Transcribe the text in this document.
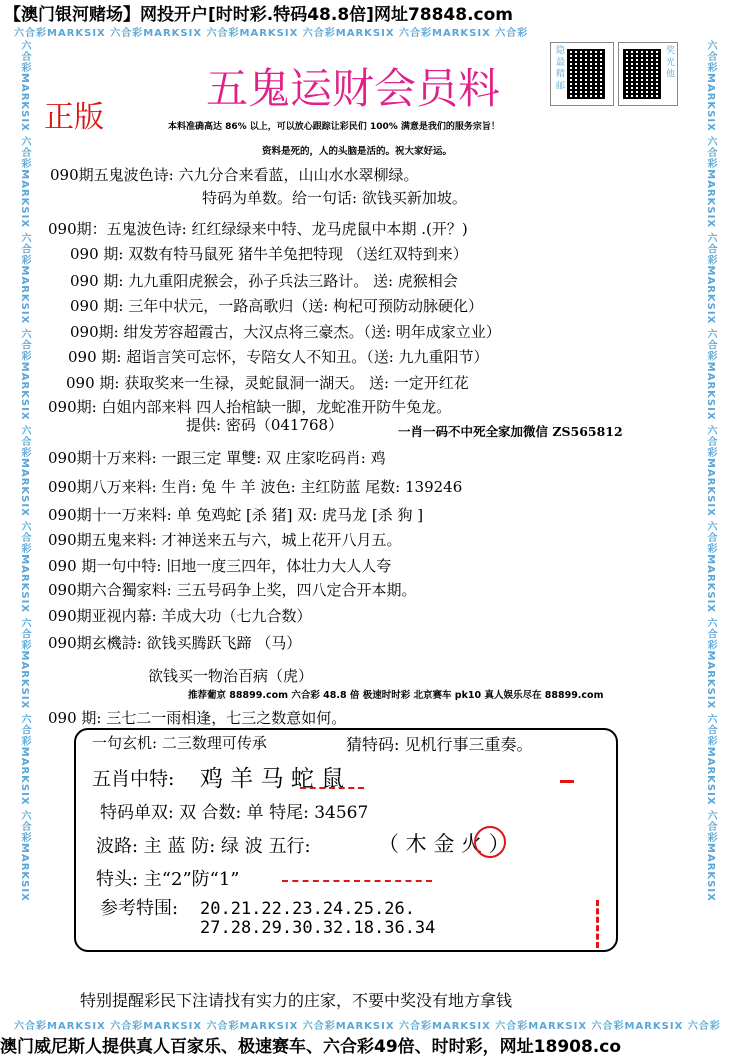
【澳门银河赌场】网投开户[时时彩.特码48.8倍]网址78848.com
六合彩MARKSIX 六合彩MARKSIX 六合彩MARKSIX 六合彩MARKSIX 六合彩MARKSIX 六合彩
六合彩MARKSIX 六合彩MARKSIX 六合彩MARKSIX 六合彩MARKSIX 六合彩MARKSIX 六合彩MARKSIX 六合彩MARKSIX 六合彩MARKSIX 六合彩MARKSIX	六合彩MARKSIX 六合彩MARKSIX 六合彩MARKSIX 六合彩MARKSIX 六合彩MARKSIX 六合彩MARKSIX 六合彩MARKSIX 六合彩MARKSIX 六合彩MARKSIX
六合彩MARKSIX 六合彩MARKSIX 六合彩MARKSIX 六合彩MARKSIX 六合彩MARKSIX 六合彩MARKSIX 六合彩MARKSIX 六合彩
隐 最 精 邮	奖 光 他
五鬼运财会员料
正版	本料准确高达 86% 以上，可以放心跟踪让彩民们 100% 满意是我们的服务宗旨！
资料是死的，人的头脑是活的。祝大家好运。
090期五鬼波色诗: 六九分合来看蓝，山山水水翠柳绿。
特码为单数。给一句话: 欲钱买新加坡。
090期：五鬼波色诗: 红红绿绿来中特、龙马虎鼠中本期 .(开？)
090 期: 双数有特马鼠死 猪牛羊兔把特现 （送红双特到来）
090 期: 九九重阳虎猴会，孙子兵法三路计。 送: 虎猴相会
090 期: 三年中状元，一路高歌归（送: 枸杞可预防动脉硬化）
090期: 绀发芳容超霞古，大汉点将三豪杰。（送: 明年成家立业）
090 期: 超诣言笑可忘怀，专陪女人不知丑。（送: 九九重阳节）
090 期: 获取奖来一生禄，灵蛇鼠洞一湖天。 送: 一定开红花
090期: 白姐内部来料 四人抬棺缺一脚，龙蛇准开防牛兔龙。
提供: 密码（041768）	一肖一码不中死全家加微信 ZS565812
090期十万来料: 一跟三定 單雙: 双 庄家吃码肖: 鸡
090期八万来料: 生肖: 兔 牛 羊 波色: 主红防蓝 尾数: 139246
090期十一万来料: 单 兔鸡蛇 [杀 猪] 双: 虎马龙 [杀 狗 ]
090期五鬼来料: 才神送来五与六，城上花开八月五。
090 期一句中特: 旧地一度三四年，体壮力大人人夸
090期六合獨家料: 三五号码争上奖，四八定合开本期。
090期亚视内幕: 羊成大功（七九合数）
090期玄機詩: 欲钱买腾跃飞蹄 （马）
欲钱买一物治百病（虎）
推荐葡京 88899.com 六合彩 48.8 倍 极速时时彩 北京赛车 pk10 真人娱乐尽在 88899.com
090 期: 三七二一雨相逢，七三之数意如何。
一句玄机: 二三数理可传承	猜特码: 见机行事三重奏。
五肖中特: 鸡 羊 马 蛇 鼠
特码单双: 双 合数: 单 特尾: 34567
波路: 主 蓝 防: 绿 波 五行:	（ 木 金 火 ）
特头: 主“2”防“1”
参考特围: 20.21.22.23.24.25.26.
27.28.29.30.32.18.36.34
特别提醒彩民下注请找有实力的庄家，不要中奖没有地方拿钱
澳门威尼斯人提供真人百家乐、极速赛车、六合彩49倍、时时彩，网址18908.co
